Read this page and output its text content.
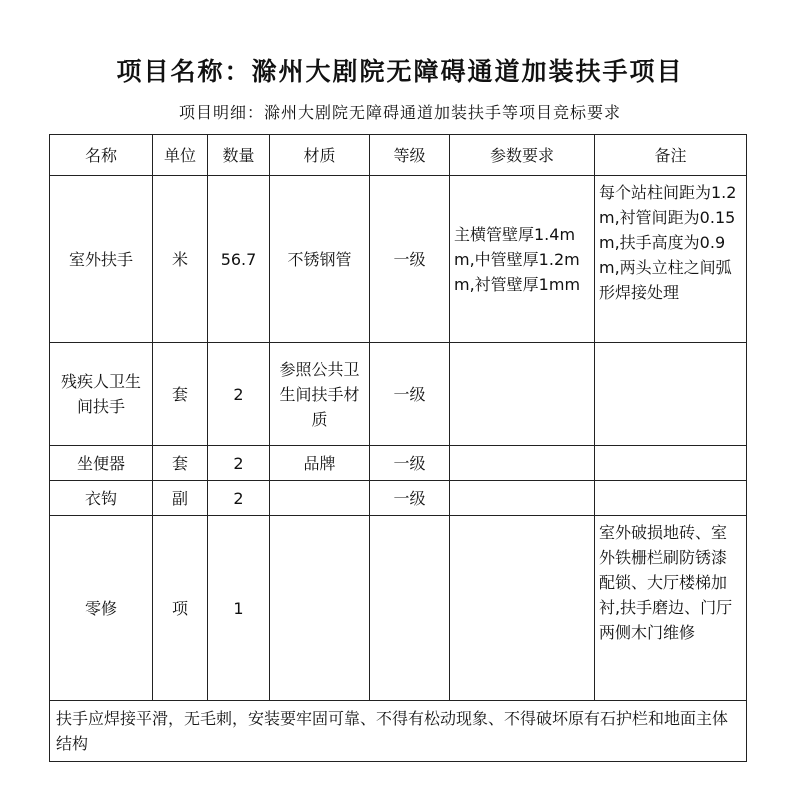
项目名称：滁州大剧院无障碍通道加装扶手项目
项目明细：滁州大剧院无障碍通道加装扶手等项目竞标要求
名称	单位	数量	材质	等级	参数要求	备注
室外扶手	米	56.7	不锈钢管	一级	主横管壁厚1.4mm,中管壁厚1.2mm,衬管壁厚1mm	每个站柱间距为1.2m,衬管间距为0.15m,扶手高度为0.9m,两头立柱之间弧形焊接处理
残疾人卫生间扶手	套	2	参照公共卫生间扶手材质	一级		
坐便器	套	2	品牌	一级		
衣钩	副	2		一级		
零修	项	1				室外破损地砖、室外铁栅栏刷防锈漆配锁、大厅楼梯加衬,扶手磨边、门厅两侧木门维修
扶手应焊接平滑，无毛刺，安装要牢固可靠、不得有松动现象、不得破坏原有石护栏和地面主体结构						
